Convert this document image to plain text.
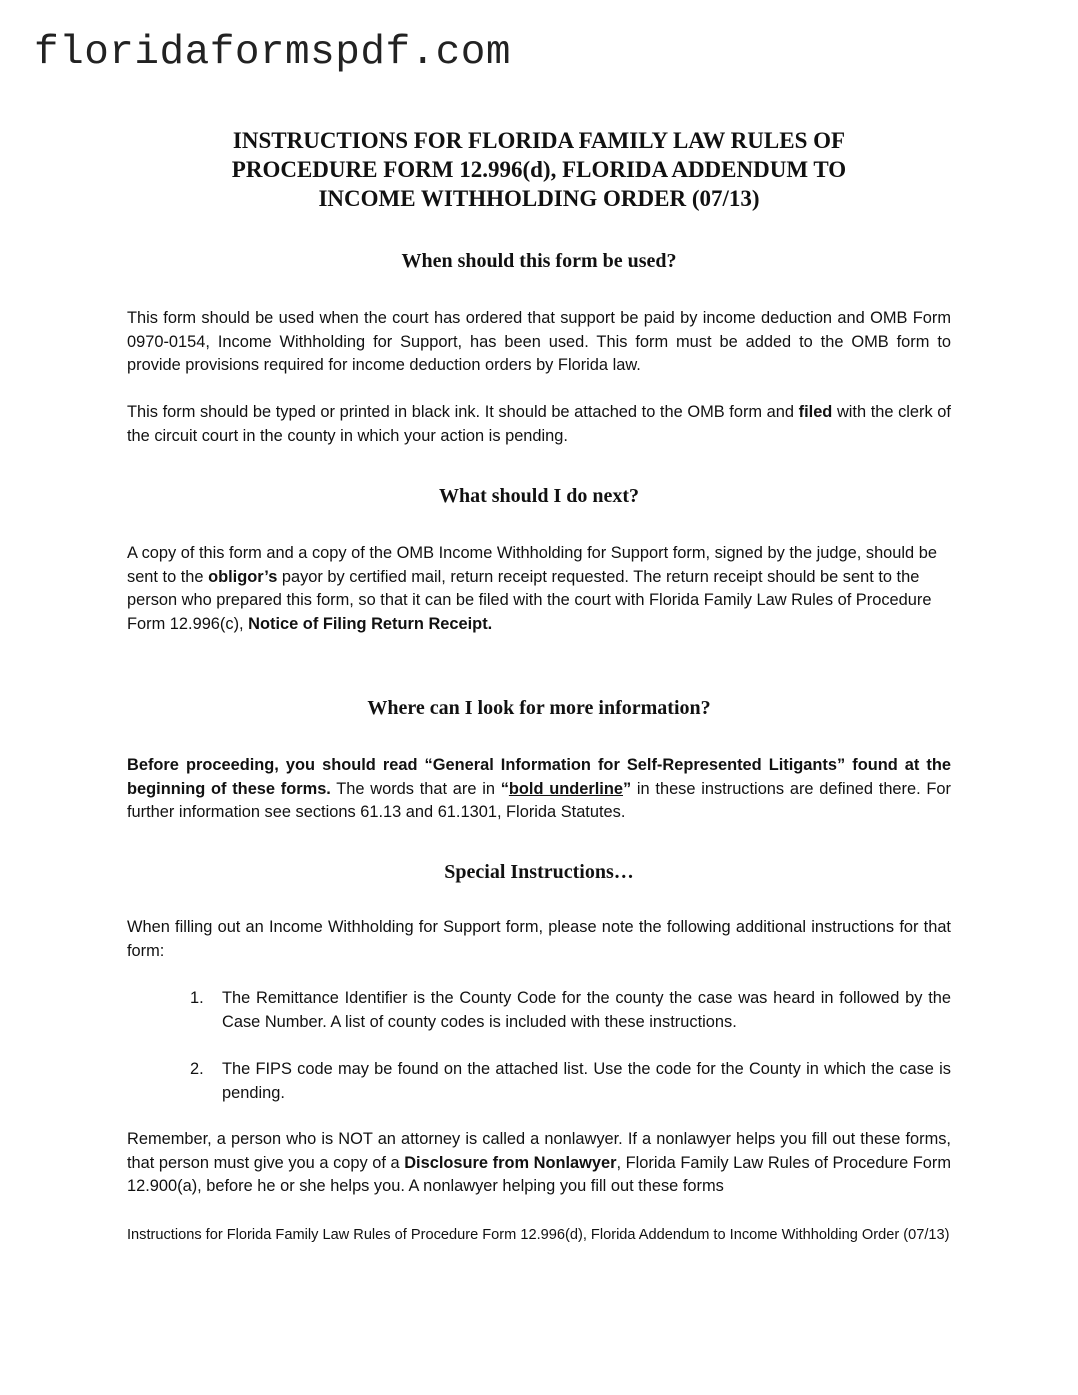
floridaformspdf.com
INSTRUCTIONS FOR FLORIDA FAMILY LAW RULES OF
PROCEDURE FORM 12.996(d), FLORIDA ADDENDUM TO
INCOME WITHHOLDING ORDER (07/13)
When should this form be used?

This form should be used when the court has ordered that support be paid by income deduction and OMB Form 0970-0154, Income Withholding for Support, has been used. This form must be added to the OMB form to provide provisions required for income deduction orders by Florida law.

This form should be typed or printed in black ink. It should be attached to the OMB form and filed with the clerk of the circuit court in the county in which your action is pending.

What should I do next?

A copy of this form and a copy of the OMB Income Withholding for Support form, signed by the judge, should be sent to the obligor’s payor by certified mail, return receipt requested. The return receipt should be sent to the person who prepared this form, so that it can be filed with the court with Florida Family Law Rules of Procedure Form 12.996(c), Notice of Filing Return Receipt.

Where can I look for more information?

Before proceeding, you should read “General Information for Self-Represented Litigants” found at the beginning of these forms. The words that are in “bold underline” in these instructions are defined there. For further information see sections 61.13 and 61.1301, Florida Statutes.

Special Instructions…

When filling out an Income Withholding for Support form, please note the following additional instructions for that form:

1. The Remittance Identifier is the County Code for the county the case was heard in followed by the Case Number. A list of county codes is included with these instructions.
2. The FIPS code may be found on the attached list. Use the code for the County in which the case is pending.

Remember, a person who is NOT an attorney is called a nonlawyer. If a nonlawyer helps you fill out these forms, that person must give you a copy of a Disclosure from Nonlawyer, Florida Family Law Rules of Procedure Form 12.900(a), before he or she helps you. A nonlawyer helping you fill out these forms

Instructions for Florida Family Law Rules of Procedure Form 12.996(d), Florida Addendum to Income Withholding Order (07/13)
